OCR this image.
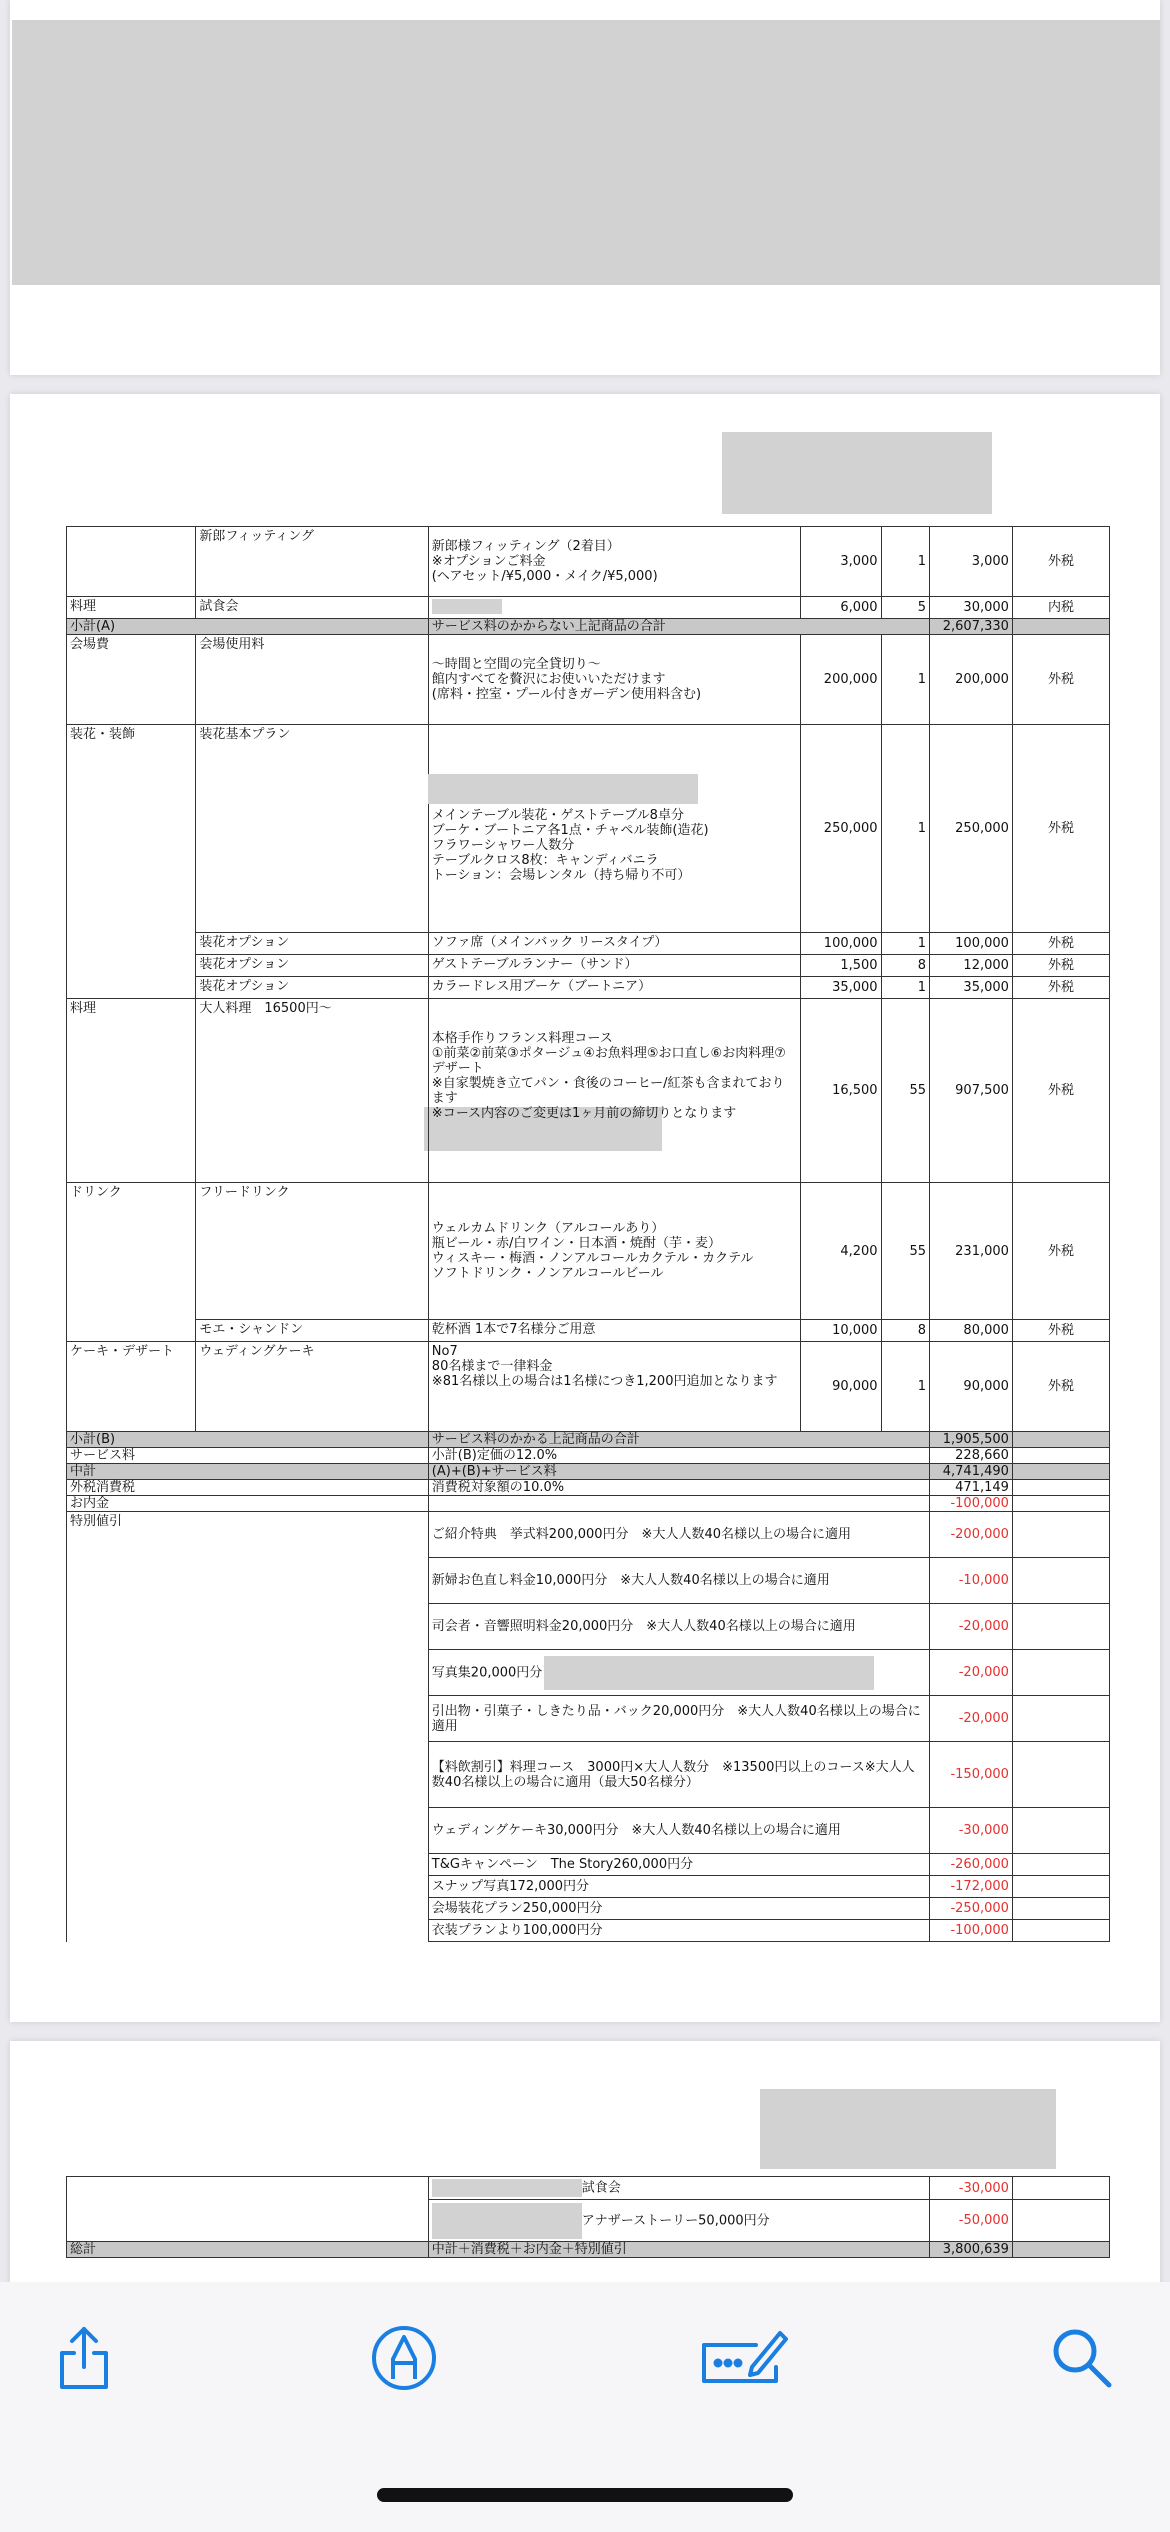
	新郎フィッティング	新郎様フィッティング（2着目）
※オプションご料金
(ヘアセット/¥5,000・メイク/¥5,000)	3,000	1	3,000	外税
料理	試食会		6,000	5	30,000	内税
小計(A)		サービス料のかからない上記商品の合計			2,607,330	
会場費	会場使用料	～時間と空間の完全貸切り～
館内すべてを贅沢にお使いいただけます
(席料・控室・プール付きガーデン使用料含む)	200,000	1	200,000	外税
装花・装飾	装花基本プラン	メインテーブル装花・ゲストテーブル8卓分
ブーケ・ブートニア各1点・チャペル装飾(造花)
フラワーシャワー人数分
テーブルクロス8枚：キャンディバニラ
トーション：会場レンタル（持ち帰り不可）	250,000	1	250,000	外税
	装花オプション	ソファ席（メインバック リースタイプ）	100,000	1	100,000	外税
	装花オプション	ゲストテーブルランナー（サンド）	1,500	8	12,000	外税
	装花オプション	カラードレス用ブーケ（ブートニア）	35,000	1	35,000	外税
料理	大人料理　16500円～	本格手作りフランス料理コース
①前菜②前菜③ポタージュ④お魚料理⑤お口直し⑥お肉料理⑦デザート
※自家製焼き立てパン・食後のコーヒー/紅茶も含まれております
※コース内容のご変更は1ヶ月前の締切りとなります	16,500	55	907,500	外税
ドリンク	フリードリンク	ウェルカムドリンク（アルコールあり）
瓶ビール・赤/白ワイン・日本酒・焼酎（芋・麦）
ウィスキー・梅酒・ノンアルコールカクテル・カクテル
ソフトドリンク・ノンアルコールビール	4,200	55	231,000	外税
	モエ・シャンドン	乾杯酒 1本で7名様分ご用意	10,000	8	80,000	外税
ケーキ・デザート	ウェディングケーキ	No7
80名様まで一律料金
※81名様以上の場合は1名様につき1,200円追加となります	90,000	1	90,000	外税
小計(B)		サービス料のかかる上記商品の合計			1,905,500	
サービス料		小計(B)定価の12.0%			228,660	
中計		(A)+(B)+サービス料			4,741,490	
外税消費税		消費税対象額の10.0%			471,149	
お内金					-100,000	
特別値引		ご紹介特典　挙式料200,000円分　※大人人数40名様以上の場合に適用			-200,000	
		新婦お色直し料金10,000円分　※大人人数40名様以上の場合に適用			-10,000	
		司会者・音響照明料金20,000円分　※大人人数40名様以上の場合に適用			-20,000	
		写真集20,000円分			-20,000	
		引出物・引菓子・しきたり品・バック20,000円分　※大人人数40名様以上の場合に適用			-20,000	
		【料飲割引】料理コース　3000円×大人人数分　※13500円以上のコース※大人人数40名様以上の場合に適用（最大50名様分）			-150,000	
		ウェディングケーキ30,000円分　※大人人数40名様以上の場合に適用			-30,000	
		T&Gキャンペーン　The Story260,000円分			-260,000	
		スナップ写真172,000円分			-172,000	
		会場装花プラン250,000円分			-250,000	
		衣装プランより100,000円分			-100,000	
	試食会	-30,000	
	アナザーストーリー50,000円分	-50,000	
総計	中計＋消費税＋お内金＋特別値引	3,800,639	
